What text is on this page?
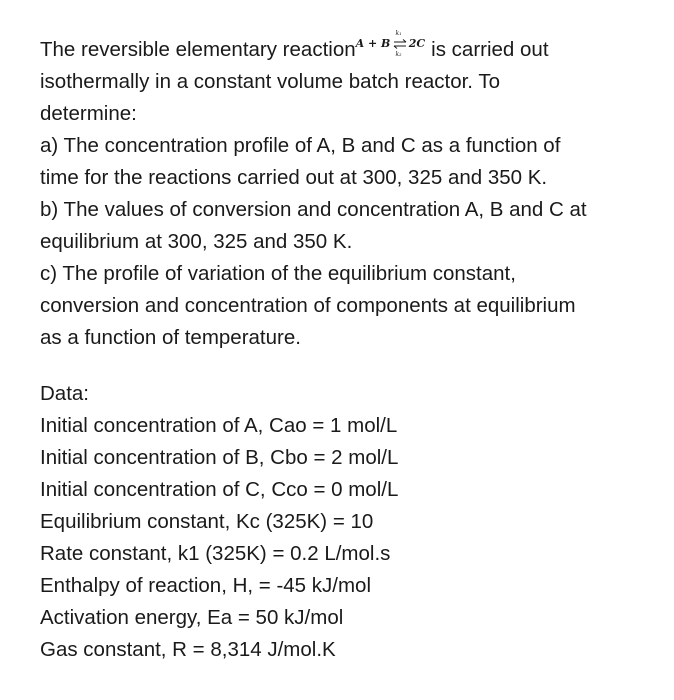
The reversible elementary reactionA + B 
k₁
k₂
 2C is carried out
isothermally in a constant volume batch reactor. To
determine:
a) The concentration profile of A, B and C as a function of
time for the reactions carried out at 300, 325 and 350 K.
b) The values of conversion and concentration A, B and C at
equilibrium at 300, 325 and 350 K.
c) The profile of variation of the equilibrium constant,
conversion and concentration of components at equilibrium
as a function of temperature.
Data:
Initial concentration of A, Cao = 1 mol/L
Initial concentration of B, Cbo = 2 mol/L
Initial concentration of C, Cco = 0 mol/L
Equilibrium constant, Kc (325K) = 10
Rate constant, k1 (325K) = 0.2 L/mol.s
Enthalpy of reaction, H, = -45 kJ/mol
Activation energy, Ea = 50 kJ/mol
Gas constant, R = 8,314 J/mol.K
